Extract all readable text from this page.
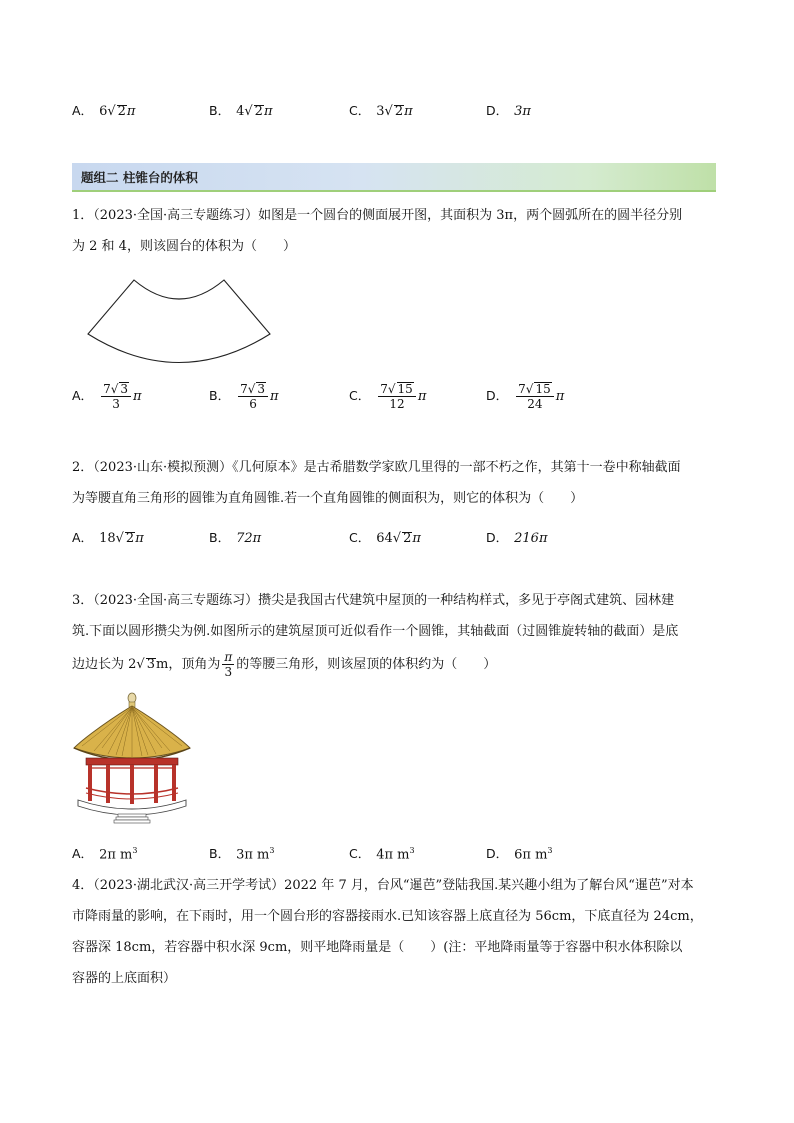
A． 6√ 2π	B． 4√ 2π	C． 3√ 2π	D． 3π
题组二 柱锥台的体积
1．（2023·全国·高三专题练习）如图是一个圆台的侧面展开图，其面积为 3π，两个圆弧所在的圆半径分别
为 2 和 4，则该圆台的体积为（　　）
A． $\frac{7√ 3}{3}$ π	B． $\frac{7√ 3}{6}$ π	C． $\frac{7√ 15}{12}$ π	D． $\frac{7√ 15}{24}$ π
2．（2023·山东·模拟预测）《几何原本》是古希腊数学家欧几里得的一部不朽之作，其第十一卷中称轴截面
为等腰直角三角形的圆锥为直角圆锥.若一个直角圆锥的侧面积为，则它的体积为（　　）
A． 18√ 2π	B． 72π	C． 64√ 2π	D． 216π
3．（2023·全国·高三专题练习）攒尖是我国古代建筑中屋顶的一种结构样式，多见于亭阁式建筑、园林建
筑.下面以圆形攒尖为例.如图所示的建筑屋顶可近似看作一个圆锥，其轴截面（过圆锥旋转轴的截面）是底
边边长为 2√ 3m，顶角为 $\frac{\pi}{3}$ 的等腰三角形，则该屋顶的体积约为（　　）
A． 2π $m^3$	B． 3π $m^3$	C． 4π $m^3$	D． 6π $m^3$
4．（2023·湖北武汉·高三开学考试）2022 年 7 月，台风“暹芭”登陆我国.某兴趣小组为了解台风“暹芭”对本
市降雨量的影响，在下雨时，用一个圆台形的容器接雨水.已知该容器上底直径为 56cm，下底直径为 24cm，
容器深 18cm，若容器中积水深 9cm，则平地降雨量是（　　）(注：平地降雨量等于容器中积水体积除以
容器的上底面积）
